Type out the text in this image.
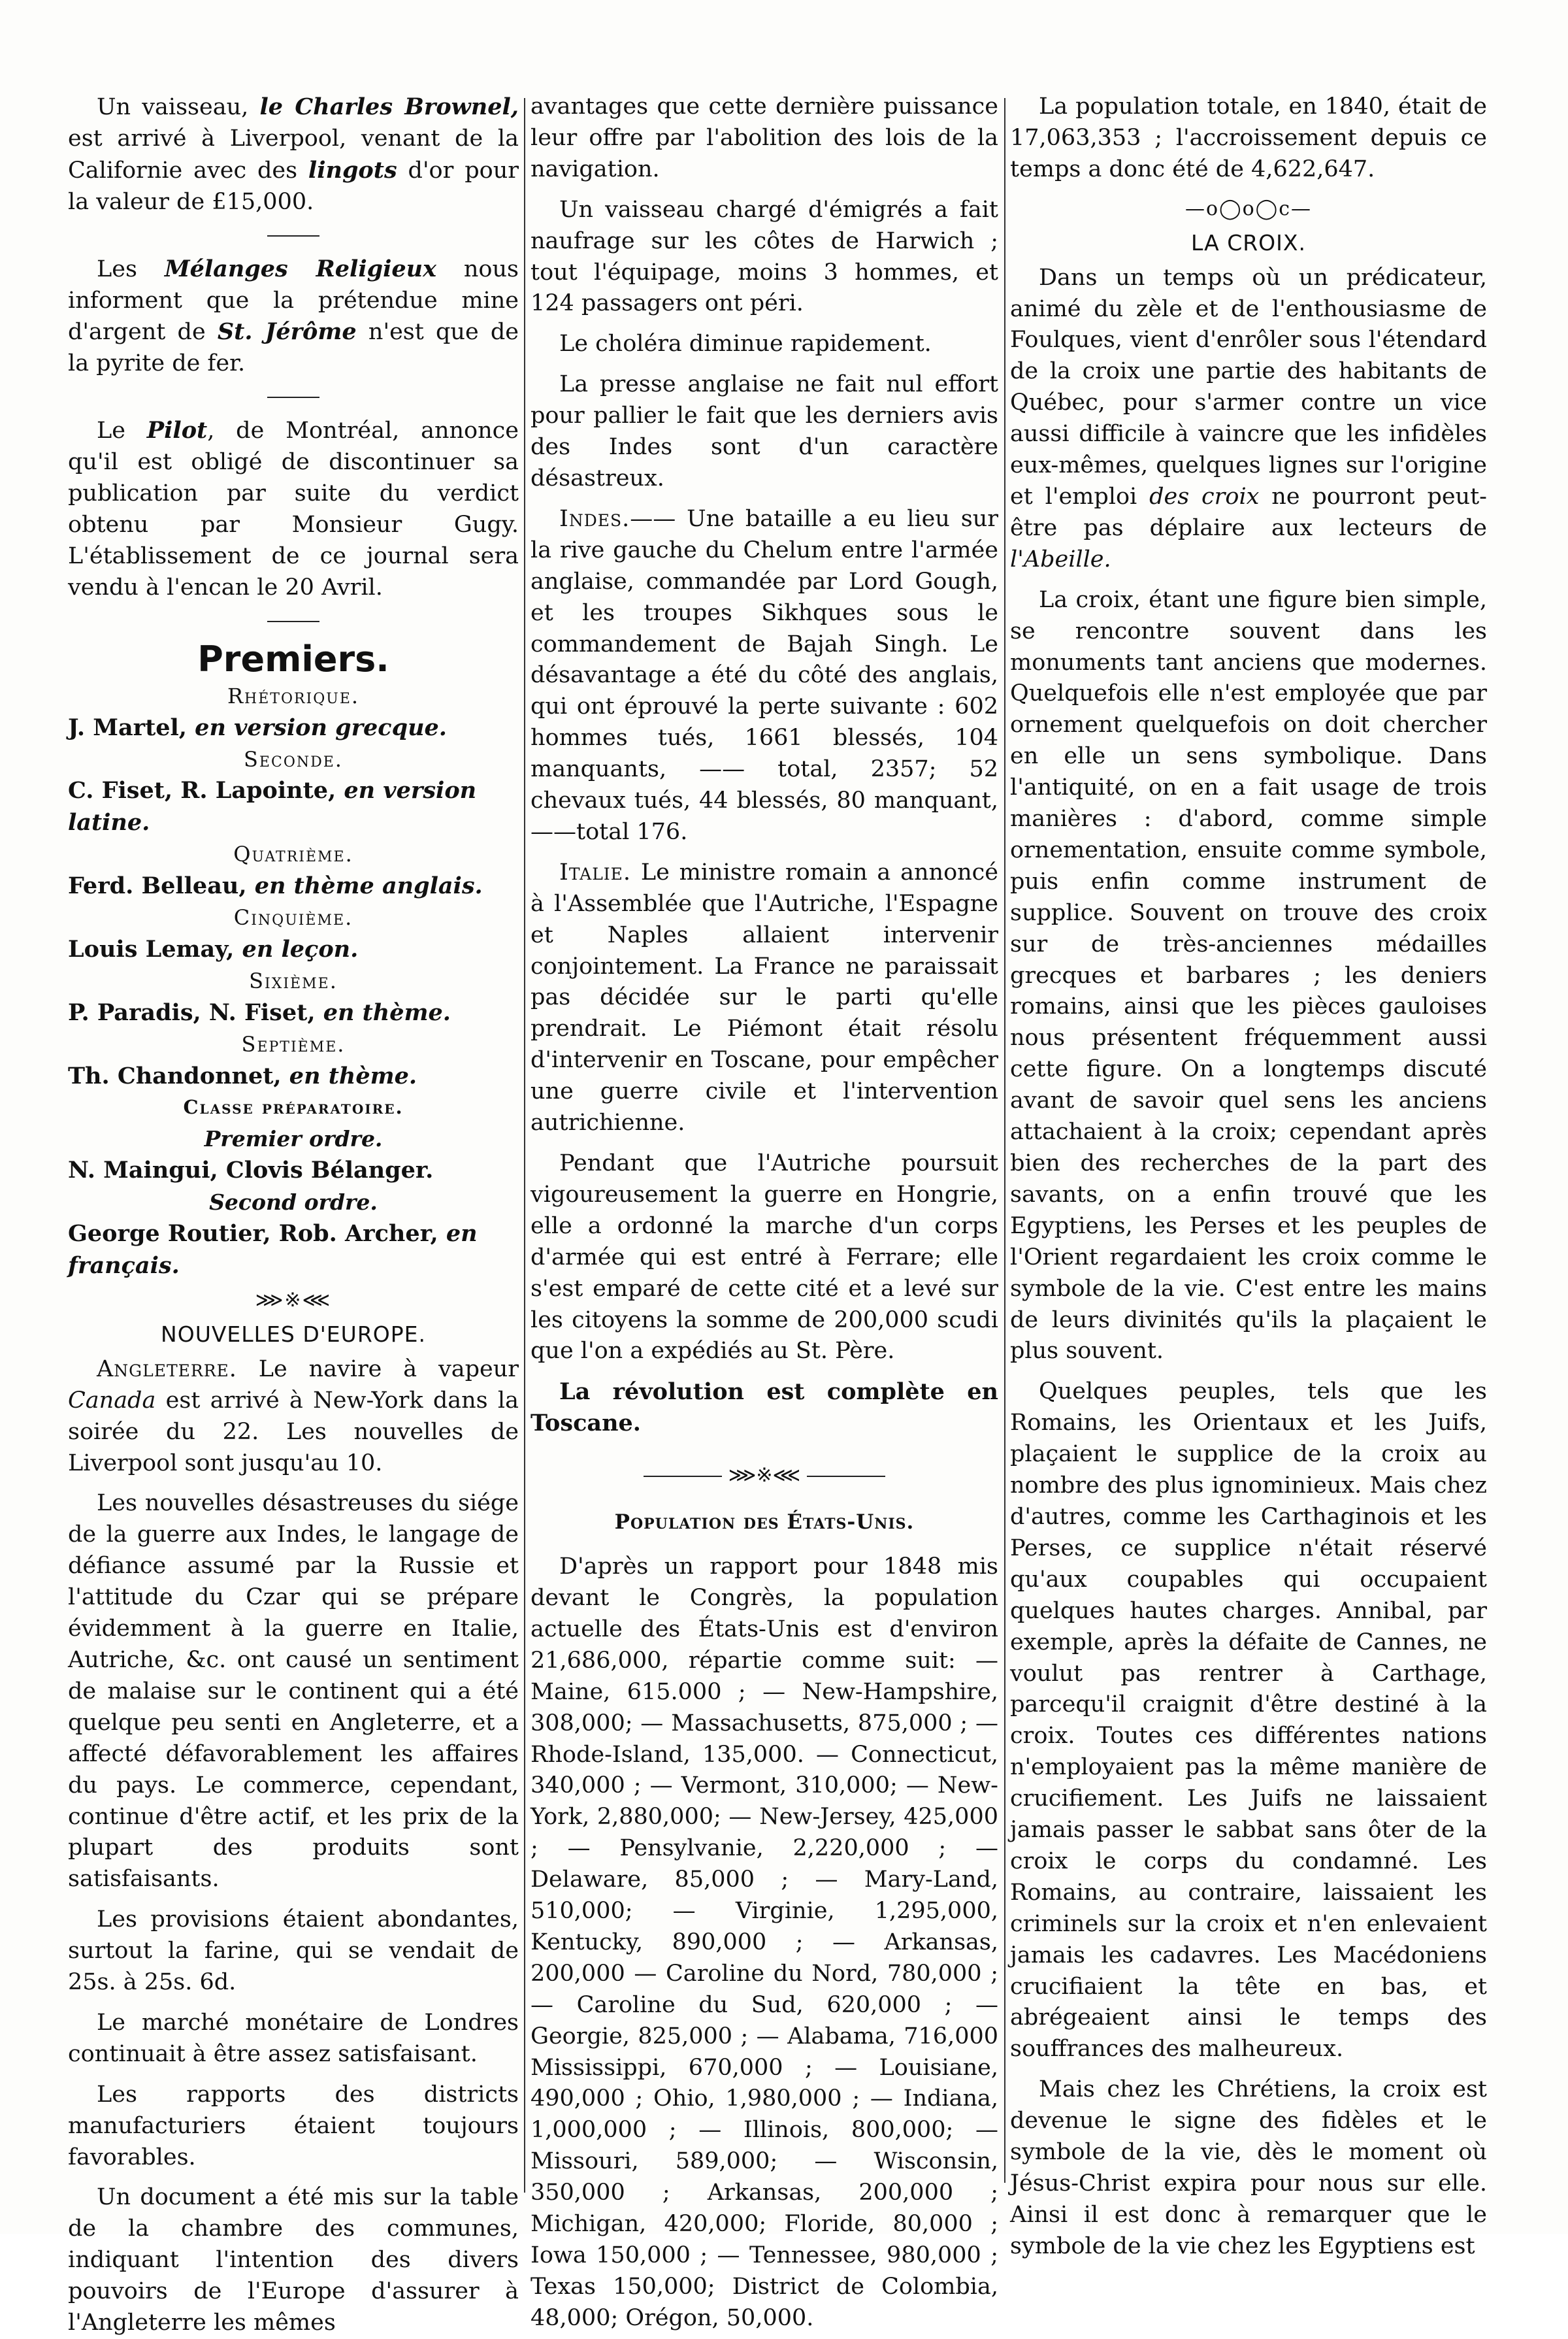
Un vaisseau, le Charles Brownel, est arrivé à Liverpool, venant de la Californie avec des lingots d'or pour la valeur de £15,000.

Les Mélanges Religieux nous informent que la prétendue mine d'argent de St. Jérôme n'est que de la pyrite de fer.

Le Pilot, de Montréal, annonce qu'il est obligé de discontinuer sa publication par suite du verdict obtenu par Monsieur Gugy. L'établissement de ce journal sera vendu à l'encan le 20 Avril.

Premiers.
Rhétorique.

J. Martel, en version grecque.

Seconde.

C. Fiset, R. Lapointe, en version latine.

Quatrième.

Ferd. Belleau, en thème anglais.

Cinquième.

Louis Lemay, en leçon.

Sixième.

P. Paradis, N. Fiset, en thème.

Septième.

Th. Chandonnet, en thème.

Classe préparatoire.
Premier ordre.

N. Maingui, Clovis Bélanger.

Second ordre.

George Routier, Rob. Archer, en français.

⋙※⋘
NOUVELLES D'EUROPE.

Angleterre. Le navire à vapeur Canada est arrivé à New-York dans la soirée du 22. Les nouvelles de Liverpool sont jusqu'au 10.

Les nouvelles désastreuses du siége de la guerre aux Indes, le langage de défiance assumé par la Russie et l'attitude du Czar qui se prépare évidemment à la guerre en Italie, Autriche, &c. ont causé un sentiment de malaise sur le continent qui a été quelque peu senti en Angleterre, et a affecté défavorablement les affaires du pays. Le commerce, cependant, continue d'être actif, et les prix de la plupart des produits sont satisfaisants.

Les provisions étaient abondantes, surtout la farine, qui se vendait de 25s. à 25s. 6d.

Le marché monétaire de Londres continuait à être assez satisfaisant.

Les rapports des districts manufacturiers étaient toujours favorables.

Un document a été mis sur la table de la chambre des communes, indiquant l'intention des divers pouvoirs de l'Europe d'assurer à l'Angleterre les mêmes

avantages que cette dernière puissance leur offre par l'abolition des lois de la navigation.

Un vaisseau chargé d'émigrés a fait naufrage sur les côtes de Harwich ; tout l'équipage, moins 3 hommes, et 124 passagers ont péri.

Le choléra diminue rapidement.

La presse anglaise ne fait nul effort pour pallier le fait que les derniers avis des Indes sont d'un caractère désastreux.

Indes.—— Une bataille a eu lieu sur la rive gauche du Chelum entre l'armée anglaise, commandée par Lord Gough, et les troupes Sikhques sous le commandement de Bajah Singh. Le désavantage a été du côté des anglais, qui ont éprouvé la perte suivante : 602 hommes tués, 1661 blessés, 104 manquants, —— total, 2357; 52 chevaux tués, 44 blessés, 80 manquant, ——total 176.

Italie. Le ministre romain a annoncé à l'Assemblée que l'Autriche, l'Espagne et Naples allaient intervenir conjointement. La France ne paraissait pas décidée sur le parti qu'elle prendrait. Le Piémont était résolu d'intervenir en Toscane, pour empêcher une guerre civile et l'intervention autrichienne.

Pendant que l'Autriche poursuit vigoureusement la guerre en Hongrie, elle a ordonné la marche d'un corps d'armée qui est entré à Ferrare; elle s'est emparé de cette cité et a levé sur les citoyens la somme de 200,000 scudi que l'on a expédiés au St. Père.

La révolution est complète en Toscane.

⋙※⋘
Population des États-Unis.

D'après un rapport pour 1848 mis devant le Congrès, la population actuelle des États-Unis est d'environ 21,686,000, répartie comme suit: — Maine, 615.000 ; — New-Hampshire, 308,000; — Massachusetts, 875,000 ; — Rhode-Island, 135,000. — Connecticut, 340,000 ; — Vermont, 310,000; — New-York, 2,880,000; — New-Jersey, 425,000 ; — Pensylvanie, 2,220,000 ; — Delaware, 85,000 ; — Mary-Land, 510,000; — Virginie, 1,295,000, Kentucky, 890,000 ; — Arkansas, 200,000 — Caroline du Nord, 780,000 ; — Caroline du Sud, 620,000 ; — Georgie, 825,000 ; — Alabama, 716,000 Mississippi, 670,000 ; — Louisiane, 490,000 ; Ohio, 1,980,000 ; — Indiana, 1,000,000 ; — Illinois, 800,000; — Missouri, 589,000; — Wisconsin, 350,000 ; Arkansas, 200,000 ; Michigan, 420,000; Floride, 80,000 ; Iowa 150,000 ; — Tennessee, 980,000 ; Texas 150,000; District de Colombia, 48,000; Orégon, 50,000.

La population totale, en 1840, était de 17,063,353 ; l'accroissement depuis ce temps a donc été de 4,622,647.

—o◯o◯c—
LA CROIX.

Dans un temps où un prédicateur, animé du zèle et de l'enthousiasme de Foulques, vient d'enrôler sous l'étendard de la croix une partie des habitants de Québec, pour s'armer contre un vice aussi difficile à vaincre que les infidèles eux-mêmes, quelques lignes sur l'origine et l'emploi des croix ne pourront peut-être pas déplaire aux lecteurs de l'Abeille.

La croix, étant une figure bien simple, se rencontre souvent dans les monuments tant anciens que modernes. Quelquefois elle n'est employée que par ornement quelquefois on doit chercher en elle un sens symbolique. Dans l'antiquité, on en a fait usage de trois manières : d'abord, comme simple ornementation, ensuite comme symbole, puis enfin comme instrument de supplice. Souvent on trouve des croix sur de très-anciennes médailles grecques et barbares ; les deniers romains, ainsi que les pièces gauloises nous présentent fréquemment aussi cette figure. On a longtemps discuté avant de savoir quel sens les anciens attachaient à la croix; cependant après bien des recherches de la part des savants, on a enfin trouvé que les Egyptiens, les Perses et les peuples de l'Orient regardaient les croix comme le symbole de la vie. C'est entre les mains de leurs divinités qu'ils la plaçaient le plus souvent.

Quelques peuples, tels que les Romains, les Orientaux et les Juifs, plaçaient le supplice de la croix au nombre des plus ignominieux. Mais chez d'autres, comme les Carthaginois et les Perses, ce supplice n'était réservé qu'aux coupables qui occupaient quelques hautes charges. Annibal, par exemple, après la défaite de Cannes, ne voulut pas rentrer à Carthage, parcequ'il craignit d'être destiné à la croix. Toutes ces différentes nations n'employaient pas la même manière de crucifiement. Les Juifs ne laissaient jamais passer le sabbat sans ôter de la croix le corps du condamné. Les Romains, au contraire, laissaient les criminels sur la croix et n'en enlevaient jamais les cadavres. Les Macédoniens crucifiaient la tête en bas, et abrégeaient ainsi le temps des souffrances des malheureux.

Mais chez les Chrétiens, la croix est devenue le signe des fidèles et le symbole de la vie, dès le moment où Jésus-Christ expira pour nous sur elle. Ainsi il est donc à remarquer que le symbole de la vie chez les Egyptiens est
